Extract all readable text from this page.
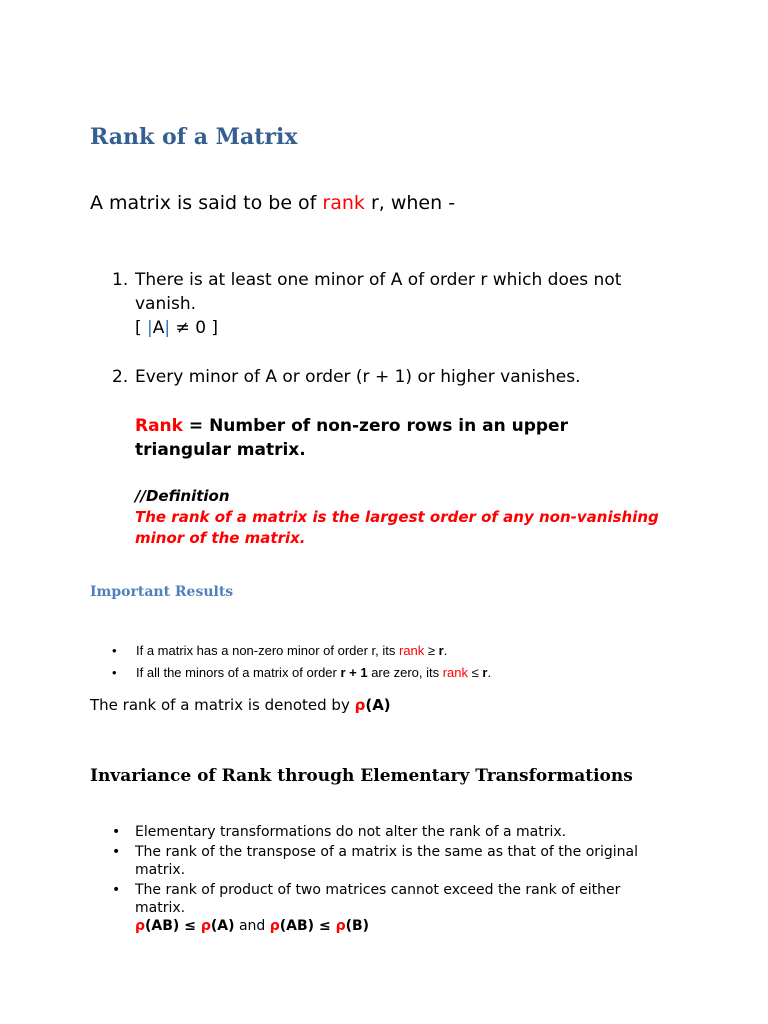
Rank of a Matrix

A matrix is said to be of rank r, when -

1. There is at least one minor of A of order r which does not vanish.
[ |A| ≠ 0 ]
2. Every minor of A or order (r + 1) or higher vanishes.

Rank = Number of non-zero rows in an upper triangular matrix.

//Definition
The rank of a matrix is the largest order of any non-vanishing minor of the matrix.
Important Results
• If a matrix has a non-zero minor of order r, its rank ≥ r.
• If all the minors of a matrix of order r + 1 are zero, its rank ≤ r.

The rank of a matrix is denoted by ρ(A)

Invariance of Rank through Elementary Transformations
• Elementary transformations do not alter the rank of a matrix.
• The rank of the transpose of a matrix is the same as that of the original matrix.
• The rank of product of two matrices cannot exceed the rank of either matrix.
ρ(AB) ≤ ρ(A) and ρ(AB) ≤ ρ(B)
